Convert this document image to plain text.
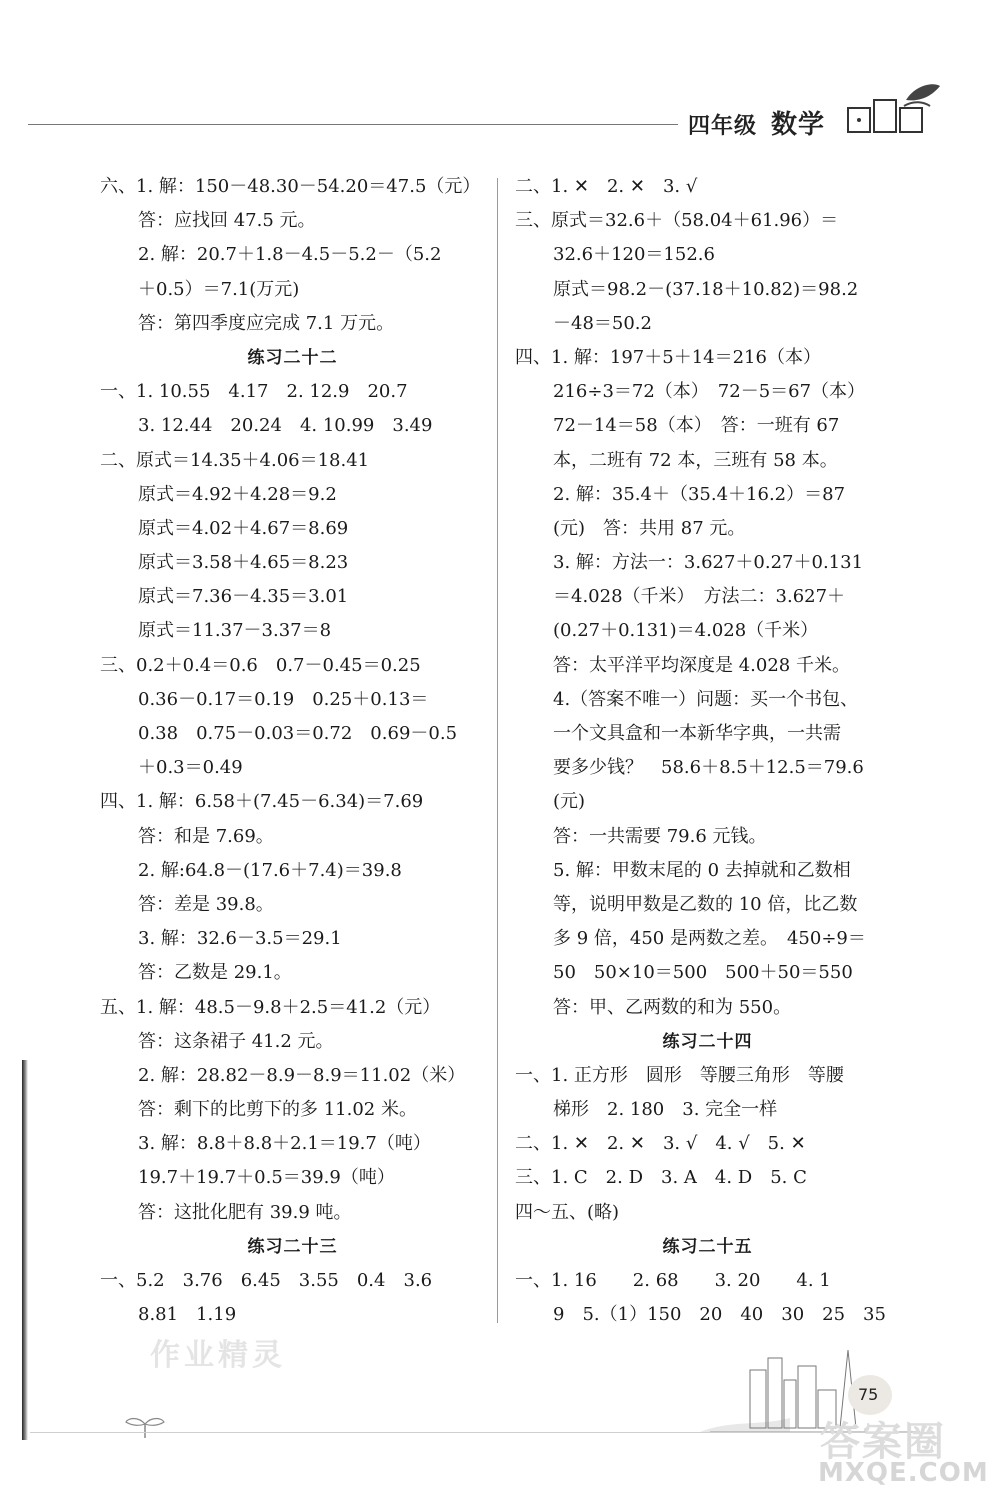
四年级 数学
六、1. 解：150－48.30－54.20＝47.5（元）
答：应找回 47.5 元。
2. 解：20.7＋1.8－4.5－5.2－（5.2
＋0.5）＝7.1(万元)
答：第四季度应完成 7.1 万元。
练习二十二
一、1. 10.55　4.17　2. 12.9　20.7
3. 12.44　20.24　4. 10.99　3.49
二、原式＝14.35＋4.06＝18.41
原式＝4.92＋4.28＝9.2
原式＝4.02＋4.67＝8.69
原式＝3.58＋4.65＝8.23
原式＝7.36－4.35＝3.01
原式＝11.37－3.37＝8
三、0.2＋0.4＝0.6　0.7－0.45＝0.25
0.36－0.17＝0.19　0.25＋0.13＝
0.38　0.75－0.03＝0.72　0.69－0.5
＋0.3＝0.49
四、1. 解：6.58＋(7.45－6.34)＝7.69
答：和是 7.69。
2. 解:64.8－(17.6＋7.4)＝39.8
答：差是 39.8。
3. 解：32.6－3.5＝29.1
答：乙数是 29.1。
五、1. 解：48.5－9.8＋2.5＝41.2（元）
答：这条裙子 41.2 元。
2. 解：28.82－8.9－8.9＝11.02（米）
答：剩下的比剪下的多 11.02 米。
3. 解：8.8＋8.8＋2.1＝19.7（吨）
19.7＋19.7＋0.5＝39.9（吨）
答：这批化肥有 39.9 吨。
练习二十三
一、5.2　3.76　6.45　3.55　0.4　3.6
8.81　1.19
二、1. ✕　2. ✕　3. √
三、原式＝32.6＋（58.04＋61.96）＝
32.6＋120＝152.6
原式＝98.2－(37.18＋10.82)＝98.2
－48＝50.2
四、1. 解：197＋5＋14＝216（本）
216÷3＝72（本）　72－5＝67（本）
72－14＝58（本）　答：一班有 67
本，二班有 72 本，三班有 58 本。
2. 解：35.4＋（35.4＋16.2）＝87
(元)　答：共用 87 元。
3. 解：方法一：3.627＋0.27＋0.131
＝4.028（千米）　方法二：3.627＋
(0.27＋0.131)＝4.028（千米）
答：太平洋平均深度是 4.028 千米。
4.（答案不唯一）问题：买一个书包、
一个文具盒和一本新华字典，一共需
要多少钱？　58.6＋8.5＋12.5＝79.6
(元)
答：一共需要 79.6 元钱。
5. 解：甲数末尾的 0 去掉就和乙数相
等，说明甲数是乙数的 10 倍，比乙数
多 9 倍，450 是两数之差。　450÷9＝
50　50×10＝500　500＋50＝550
答：甲、乙两数的和为 550。
练习二十四
一、1. 正方形　圆形　等腰三角形　等腰
梯形　2. 180　3. 完全一样
二、1. ✕　2. ✕　3. √　4. √　5. ✕
三、1. C　2. D　3. A　4. D　5. C
四～五、(略)
练习二十五
一、1. 16　　2. 68　　3. 20　　4. 1
9　5.（1）150　20　40　30　25　35
作业精灵
75
答案圈
MXQE.COM
